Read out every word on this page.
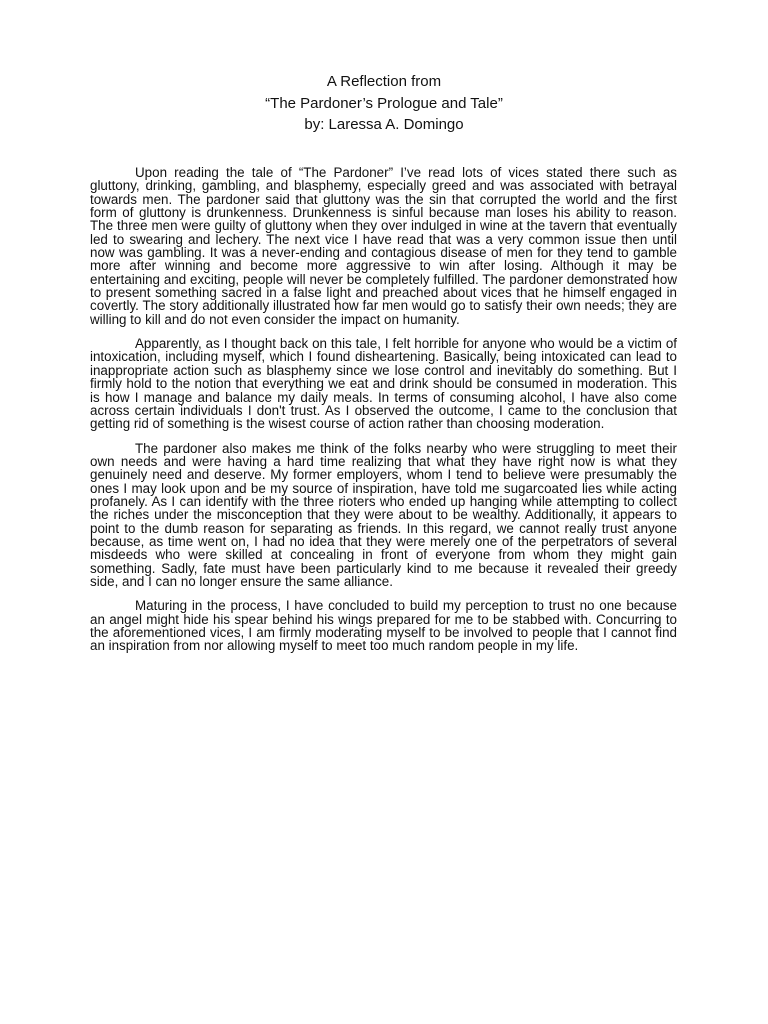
A Reflection from
“The Pardoner’s Prologue and Tale”
by: Laressa A. Domingo

Upon reading the tale of “The Pardoner” I’ve read lots of vices stated there such as gluttony, drinking, gambling, and blasphemy, especially greed and was associated with betrayal towards men. The pardoner said that gluttony was the sin that corrupted the world and the first form of gluttony is drunkenness. Drunkenness is sinful because man loses his ability to reason. The three men were guilty of gluttony when they over indulged in wine at the tavern that eventually led to swearing and lechery. The next vice I have read that was a very common issue then until now was gambling. It was a never-ending and contagious disease of men for they tend to gamble more after winning and become more aggressive to win after losing. Although it may be entertaining and exciting, people will never be completely fulfilled. The pardoner demonstrated how to present something sacred in a false light and preached about vices that he himself engaged in covertly. The story additionally illustrated how far men would go to satisfy their own needs; they are willing to kill and do not even consider the impact on humanity.

Apparently, as I thought back on this tale, I felt horrible for anyone who would be a victim of intoxication, including myself, which I found disheartening. Basically, being intoxicated can lead to inappropriate action such as blasphemy since we lose control and inevitably do something. But I firmly hold to the notion that everything we eat and drink should be consumed in moderation. This is how I manage and balance my daily meals. In terms of consuming alcohol, I have also come across certain individuals I don't trust. As I observed the outcome, I came to the conclusion that getting rid of something is the wisest course of action rather than choosing moderation.

The pardoner also makes me think of the folks nearby who were struggling to meet their own needs and were having a hard time realizing that what they have right now is what they genuinely need and deserve. My former employers, whom I tend to believe were presumably the ones I may look upon and be my source of inspiration, have told me sugarcoated lies while acting profanely. As I can identify with the three rioters who ended up hanging while attempting to collect the riches under the misconception that they were about to be wealthy. Additionally, it appears to point to the dumb reason for separating as friends. In this regard, we cannot really trust anyone because, as time went on, I had no idea that they were merely one of the perpetrators of several misdeeds who were skilled at concealing in front of everyone from whom they might gain something. Sadly, fate must have been particularly kind to me because it revealed their greedy side, and I can no longer ensure the same alliance.

Maturing in the process, I have concluded to build my perception to trust no one because an angel might hide his spear behind his wings prepared for me to be stabbed with. Concurring to the aforementioned vices, I am firmly moderating myself to be involved to people that I cannot find an inspiration from nor allowing myself to meet too much random people in my life.
